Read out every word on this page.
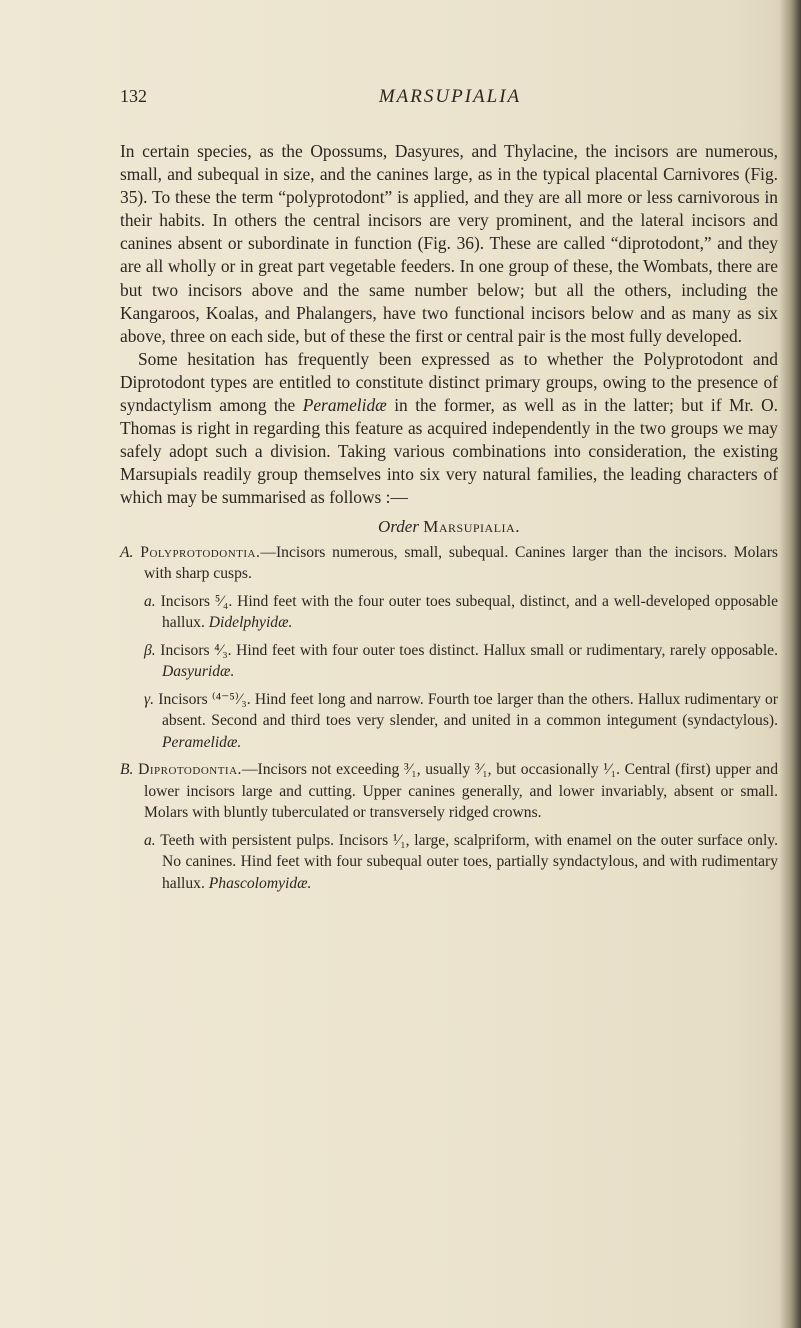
132	MARSUPIALIA

In certain species, as the Opossums, Dasyures, and Thylacine, the incisors are numerous, small, and subequal in size, and the canines large, as in the typical placental Carnivores (Fig. 35). To these the term “polyprotodont” is applied, and they are all more or less carnivorous in their habits. In others the central incisors are very prominent, and the lateral incisors and canines absent or subordinate in function (Fig. 36). These are called “diprotodont,” and they are all wholly or in great part vegetable feeders. In one group of these, the Wombats, there are but two incisors above and the same number below; but all the others, including the Kangaroos, Koalas, and Phalangers, have two functional incisors below and as many as six above, three on each side, but of these the first or central pair is the most fully developed.

Some hesitation has frequently been expressed as to whether the Polyprotodont and Diprotodont types are entitled to constitute distinct primary groups, owing to the presence of syndactylism among the Peramelidæ in the former, as well as in the latter; but if Mr. O. Thomas is right in regarding this feature as acquired independently in the two groups we may safely adopt such a division. Taking various combinations into consideration, the existing Marsupials readily group themselves into six very natural families, the leading characters of which may be summarised as follows :—

Order Marsupialia.

A. Polyprotodontia.—Incisors numerous, small, subequal. Canines larger than the incisors. Molars with sharp cusps.

a. Incisors ⁵⁄₄. Hind feet with the four outer toes subequal, distinct, and a well-developed opposable hallux. Didelphyidæ.

β. Incisors ⁴⁄₃. Hind feet with four outer toes distinct. Hallux small or rudimentary, rarely opposable. Dasyuridæ.

γ. Incisors ⁽⁴⁻⁵⁾⁄₃. Hind feet long and narrow. Fourth toe larger than the others. Hallux rudimentary or absent. Second and third toes very slender, and united in a common integument (syndactylous). Peramelidæ.

B. Diprotodontia.—Incisors not exceeding ³⁄₁, usually ³⁄₁, but occasionally ¹⁄₁. Central (first) upper and lower incisors large and cutting. Upper canines generally, and lower invariably, absent or small. Molars with bluntly tuberculated or transversely ridged crowns.

a. Teeth with persistent pulps. Incisors ¹⁄₁, large, scalpriform, with enamel on the outer surface only. No canines. Hind feet with four subequal outer toes, partially syndactylous, and with rudimentary hallux. Phascolomyidæ.
